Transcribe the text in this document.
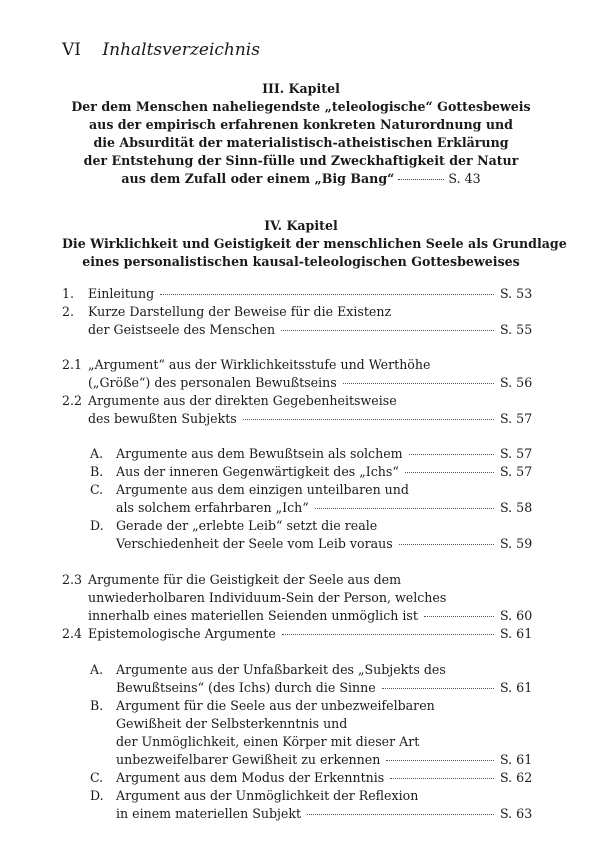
VI Inhaltsverzeichnis
III. Kapitel
Der dem Menschen naheliegendste „teleologische“ Gottesbeweis
aus der empirisch erfahrenen konkreten Naturordnung und
die Absurdität der materialistisch-atheistischen Erklärung
der Entstehung der Sinn-fülle und Zweckhaftigkeit der Natur
aus dem Zufall oder einem „Big Bang“	S. 43
IV. Kapitel
Die Wirklichkeit und Geistigkeit der menschlichen Seele als Grundlage
eines personalistischen kausal-teleologischen Gottesbeweises
1. Einleitung	S. 53
2. Kurze Darstellung der Beweise für die Existenz
der Geistseele des Menschen	S. 55
2.1 „Argument“ aus der Wirklichkeitsstufe und Werthöhe
(„Größe“) des personalen Bewußtseins	S. 56
2.2 Argumente aus der direkten Gegebenheitsweise
des bewußten Subjekts	S. 57
A. Argumente aus dem Bewußtsein als solchem	S. 57
B. Aus der inneren Gegenwärtigkeit des „Ichs“	S. 57
C. Argumente aus dem einzigen unteilbaren und
als solchem erfahrbaren „Ich“	S. 58
D. Gerade der „erlebte Leib“ setzt die reale
Verschiedenheit der Seele vom Leib voraus	S. 59
2.3 Argumente für die Geistigkeit der Seele aus dem
unwiederholbaren Individuum-Sein der Person, welches
innerhalb eines materiellen Seienden unmöglich ist	S. 60
2.4 Epistemologische Argumente	S. 61
A. Argumente aus der Unfaßbarkeit des „Subjekts des
Bewußtseins“ (des Ichs) durch die Sinne	S. 61
B. Argument für die Seele aus der unbezweifelbaren
Gewißheit der Selbsterkenntnis und
der Unmöglichkeit, einen Körper mit dieser Art
unbezweifelbarer Gewißheit zu erkennen	S. 61
C. Argument aus dem Modus der Erkenntnis	S. 62
D. Argument aus der Unmöglichkeit der Reflexion
in einem materiellen Subjekt	S. 63
